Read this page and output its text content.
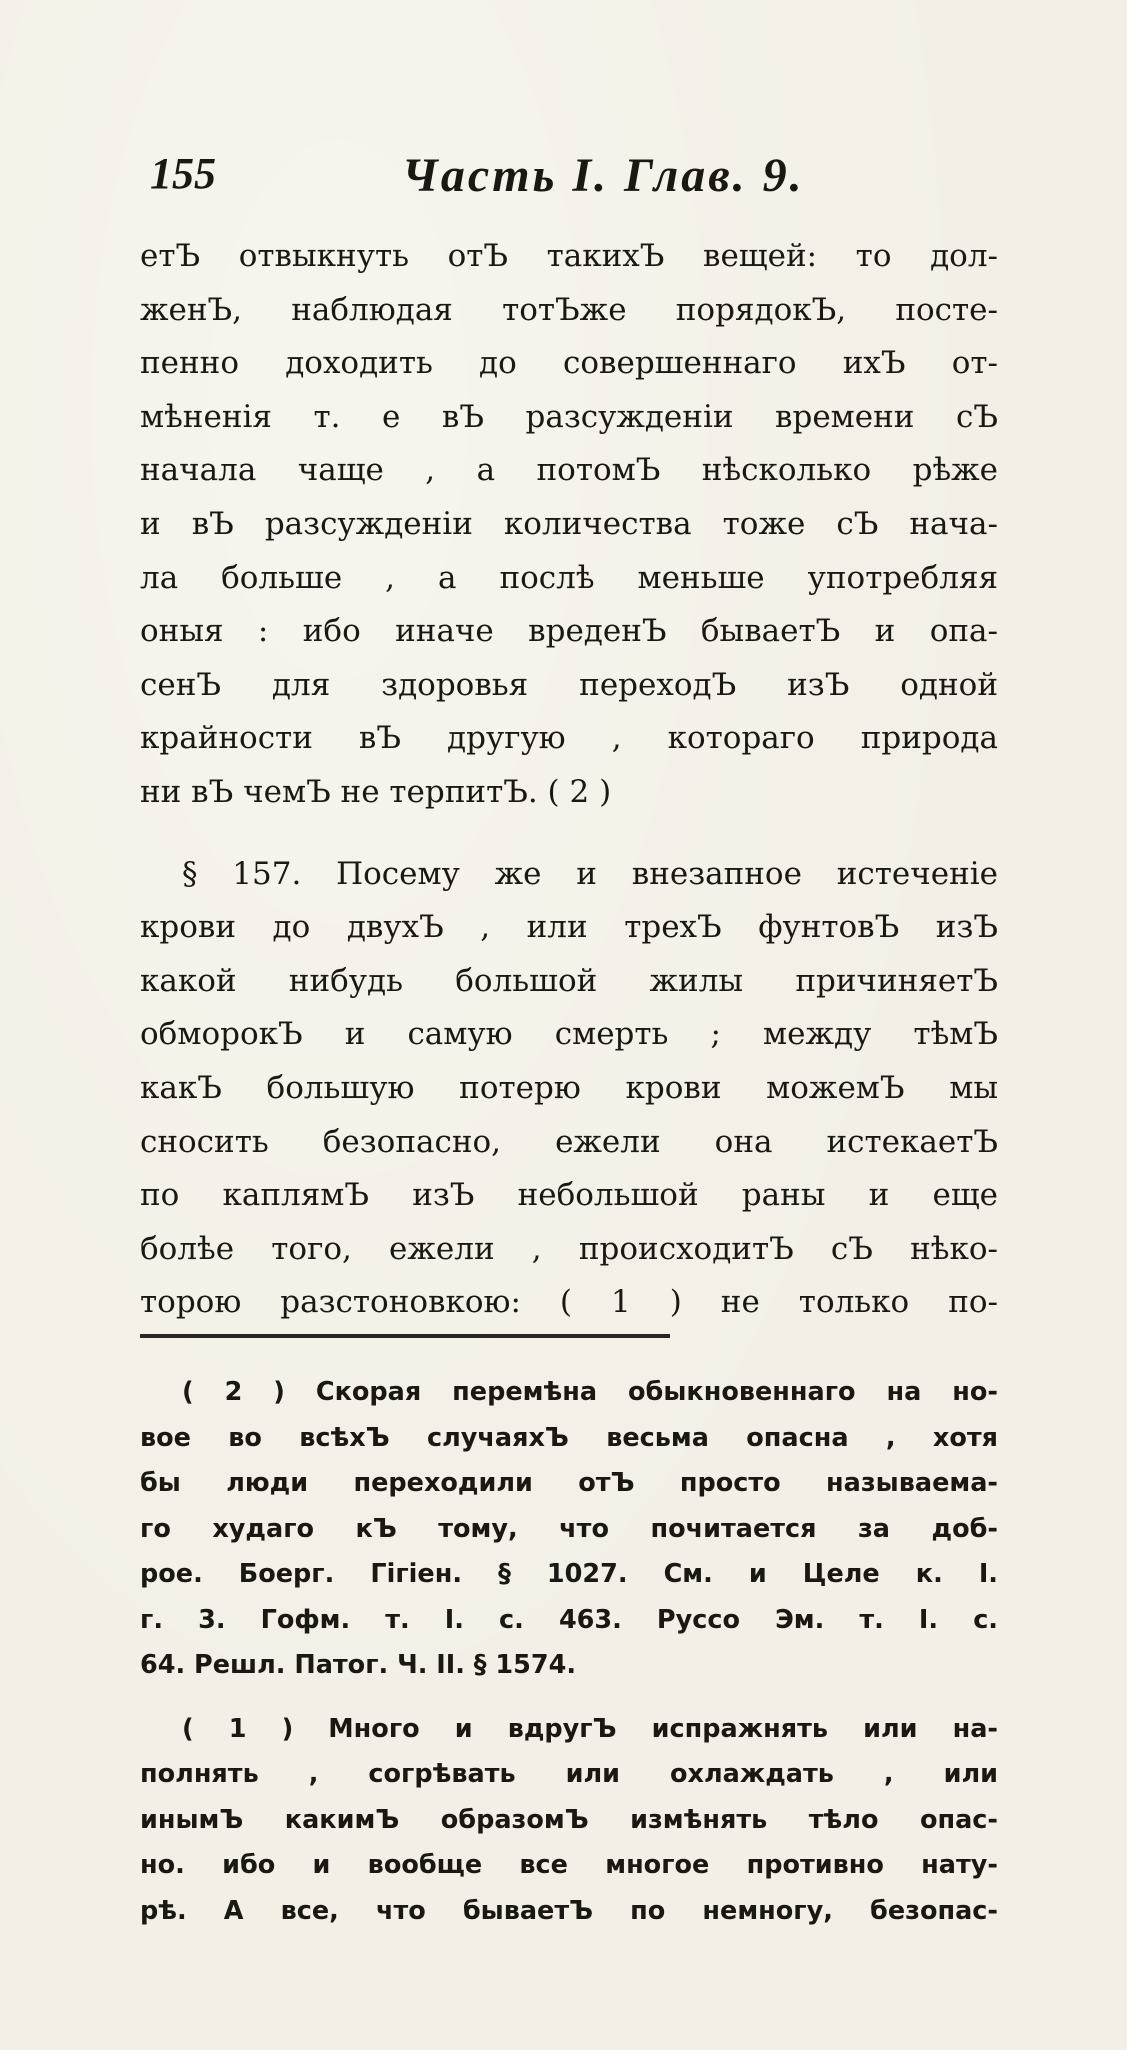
155	Часть I. Глав. 9.
етЪ отвыкнуть отЪ такихЪ вещей: то дол-
женЪ, наблюдая тотЪже порядокЪ, посте-
пенно доходить до совершеннаго ихЪ от-
мѣненія т. е вЪ разсужденіи времени сЪ
начала чаще , а потомЪ нѣсколько рѣже
и вЪ разсужденіи количества тоже сЪ нача-
ла больше , а послѣ меньше употребляя
оныя : ибо иначе вреденЪ бываетЪ и опа-
сенЪ для здоровья переходЪ изЪ одной
крайности вЪ другую , котораго природа
ни вЪ чемЪ не терпитЪ. ( 2 )
§ 157. Посему же и внезапное истеченіе
крови до двухЪ , или трехЪ фунтовЪ изЪ
какой нибудь большой жилы причиняетЪ
обморокЪ и самую смерть ; между тѣмЪ
какЪ большую потерю крови можемЪ мы
сносить безопасно, ежели она истекаетЪ
по каплямЪ изЪ небольшой раны и еще
болѣе того, ежели , происходитЪ сЪ нѣко-
торою разстоновкою: ( 1 ) не только по-
( 2 ) Скорая перемѣна обыкновеннаго на но-
вое во всѣхЪ случаяхЪ весьма опасна , хотя
бы люди переходили отЪ просто называема-
го худаго кЪ тому, что почитается за доб-
рое. Боерг. Гігіен. § 1027. См. и Целе к. I.
г. 3. Гофм. т. I. с. 463. Руссо Эм. т. I. с.
64. Решл. Патог. Ч. II. § 1574.
( 1 ) Много и вдругЪ испражнять или на-
полнять , согрѣвать или охлаждать , или
инымЪ какимЪ образомЪ измѣнять тѣло опас-
но. ибо и вообще все многое противно нату-
рѣ. А все, что бываетЪ по немногу, безопас-
